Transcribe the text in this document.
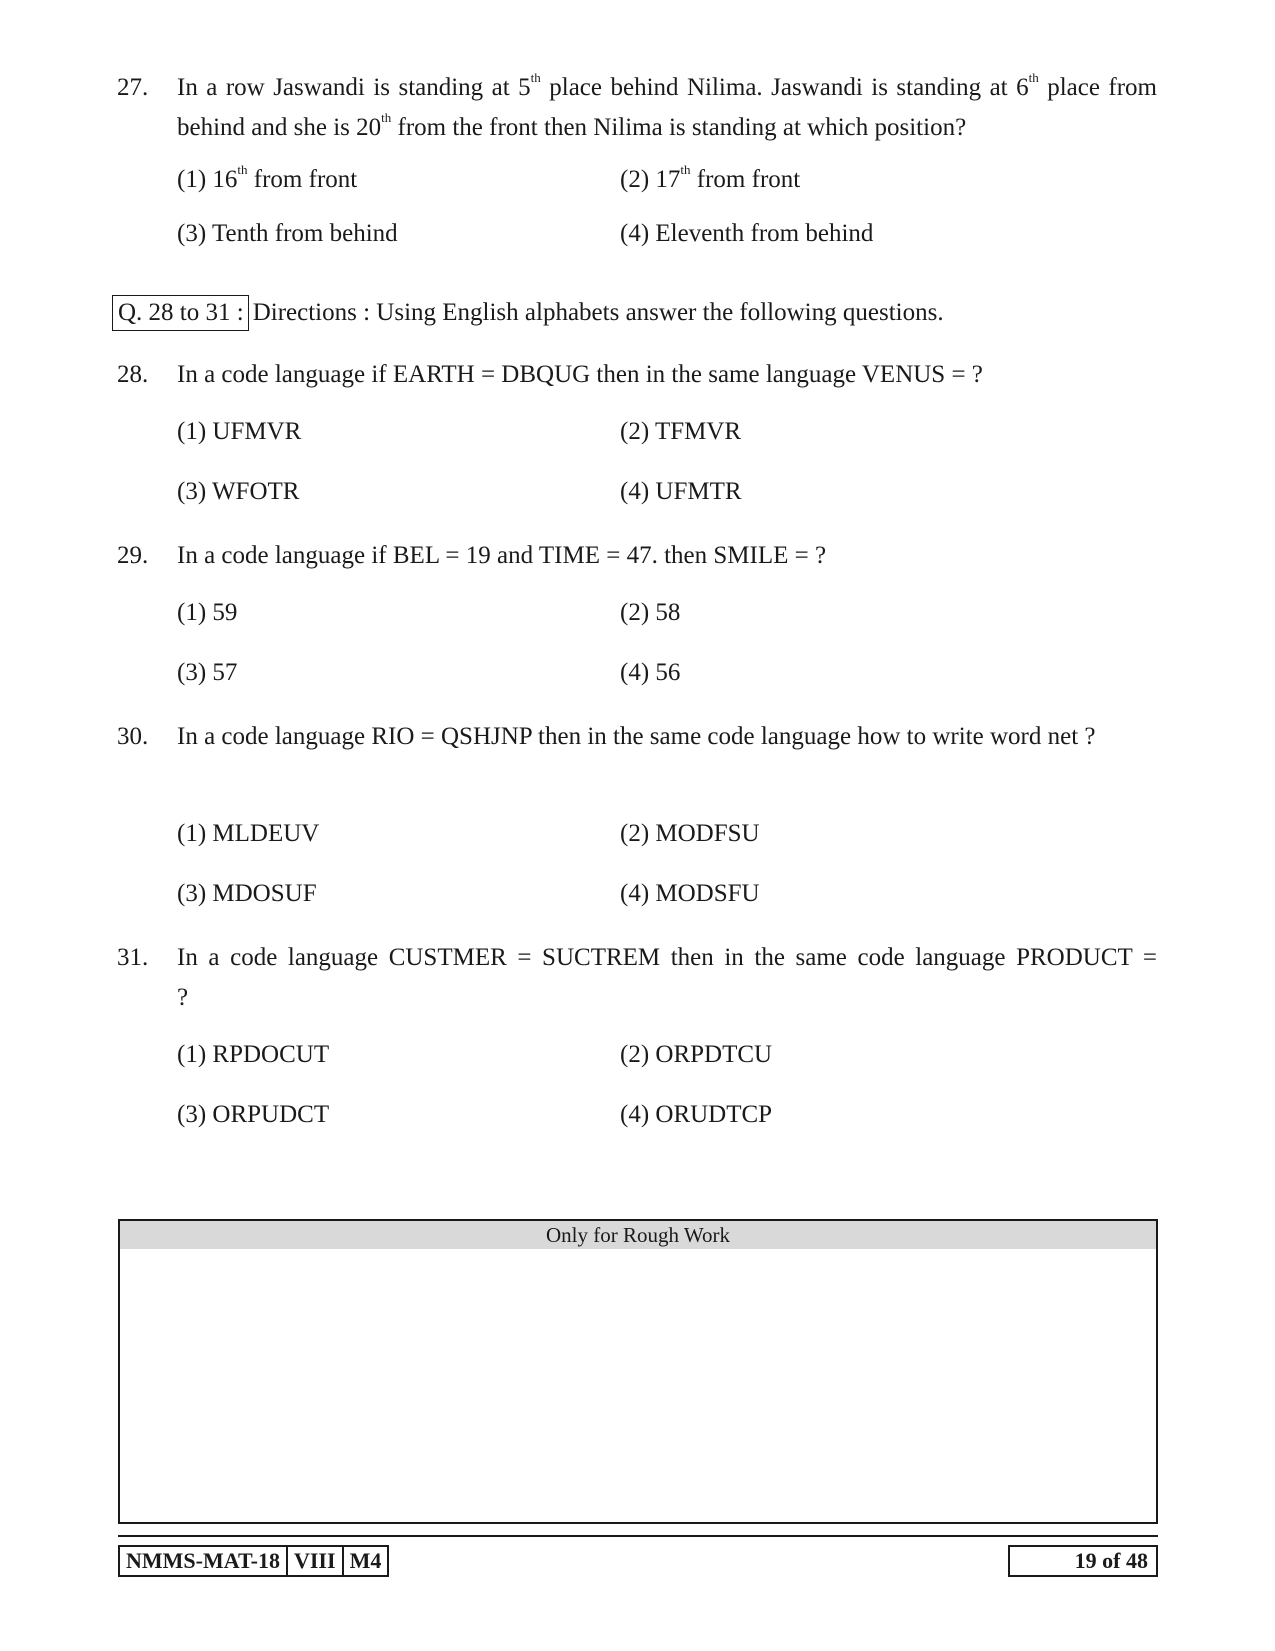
27. In a row Jaswandi is standing at 5th place behind Nilima. Jaswandi is standing at 6th place from behind and she is 20th from the front then Nilima is standing at which position?
(1) 16th from front	(2) 17th from front
(3) Tenth from behind	(4) Eleventh from behind
Q. 28 to 31 : Directions : Using English alphabets answer the following questions.
28. In a code language if EARTH = DBQUG then in the same language VENUS = ?
(1) UFMVR	(2) TFMVR
(3) WFOTR	(4) UFMTR
29. In a code language if BEL = 19 and TIME = 47. then SMILE = ?
(1) 59	(2) 58
(3) 57	(4) 56
30. In a code language RIO = QSHJNP then in the same code language how to write word net ?
(1) MLDEUV	(2) MODFSU
(3) MDOSUF	(4) MODSFU
31. In a code language CUSTMER = SUCTREM then in the same code language PRODUCT = ?
(1) RPDOCUT	(2) ORPDTCU
(3) ORPUDCT	(4) ORUDTCP
Only for Rough Work
NMMS-MAT-18 VIII M4	19 of 48
